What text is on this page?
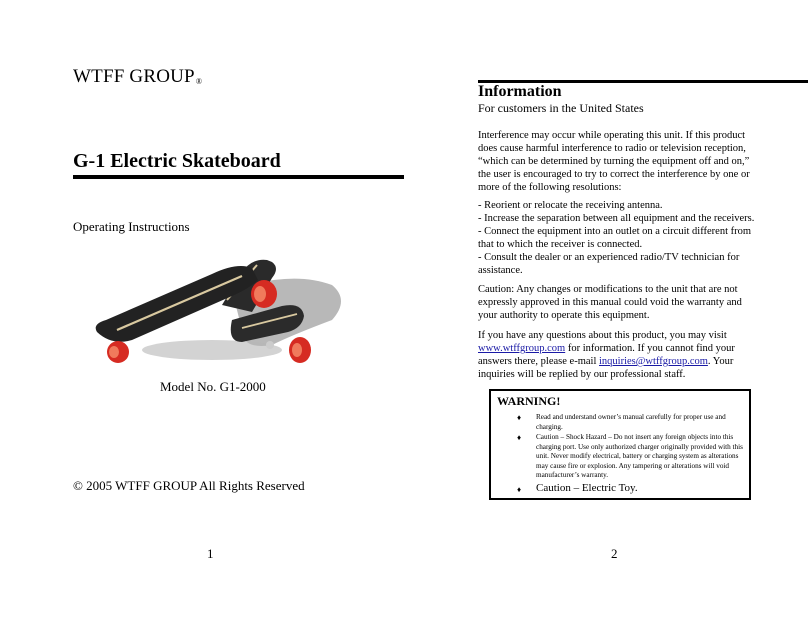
WTFF GROUP®
G-1 Electric Skateboard
Operating Instructions
Model No. G1-2000
© 2005 WTFF GROUP All Rights Reserved
1
Information
For customers in the United States

Interference may occur while operating this unit. If this product does cause harmful interference to radio or television reception, “which can be determined by turning the equipment off and on,” the user is encouraged to try to correct the interference by one or more of the following resolutions:

- Reorient or relocate the receiving antenna.

- Increase the separation between all equipment and the receivers.

- Connect the equipment into an outlet on a circuit different from that to which the receiver is connected.

- Consult the dealer or an experienced radio/TV technician for assistance.

Caution: Any changes or modifications to the unit that are not expressly approved in this manual could void the warranty and your authority to operate this equipment.

If you have any questions about this product, you may visit www.wtffgroup.com for information. If you cannot find your answers there, please e-mail inquiries@wtffgroup.com. Your inquiries will be replied by our professional staff.

WARNING!
♦ Read and understand owner’s manual carefully for proper use and charging.
♦ Caution – Shock Hazard – Do not insert any foreign objects into this charging port. Use only authorized charger originally provided with this unit. Never modify electrical, battery or charging system as alterations may cause fire or explosion. Any tampering or alterations will void manufacturer’s warranty.
♦ Caution – Electric Toy.
2
